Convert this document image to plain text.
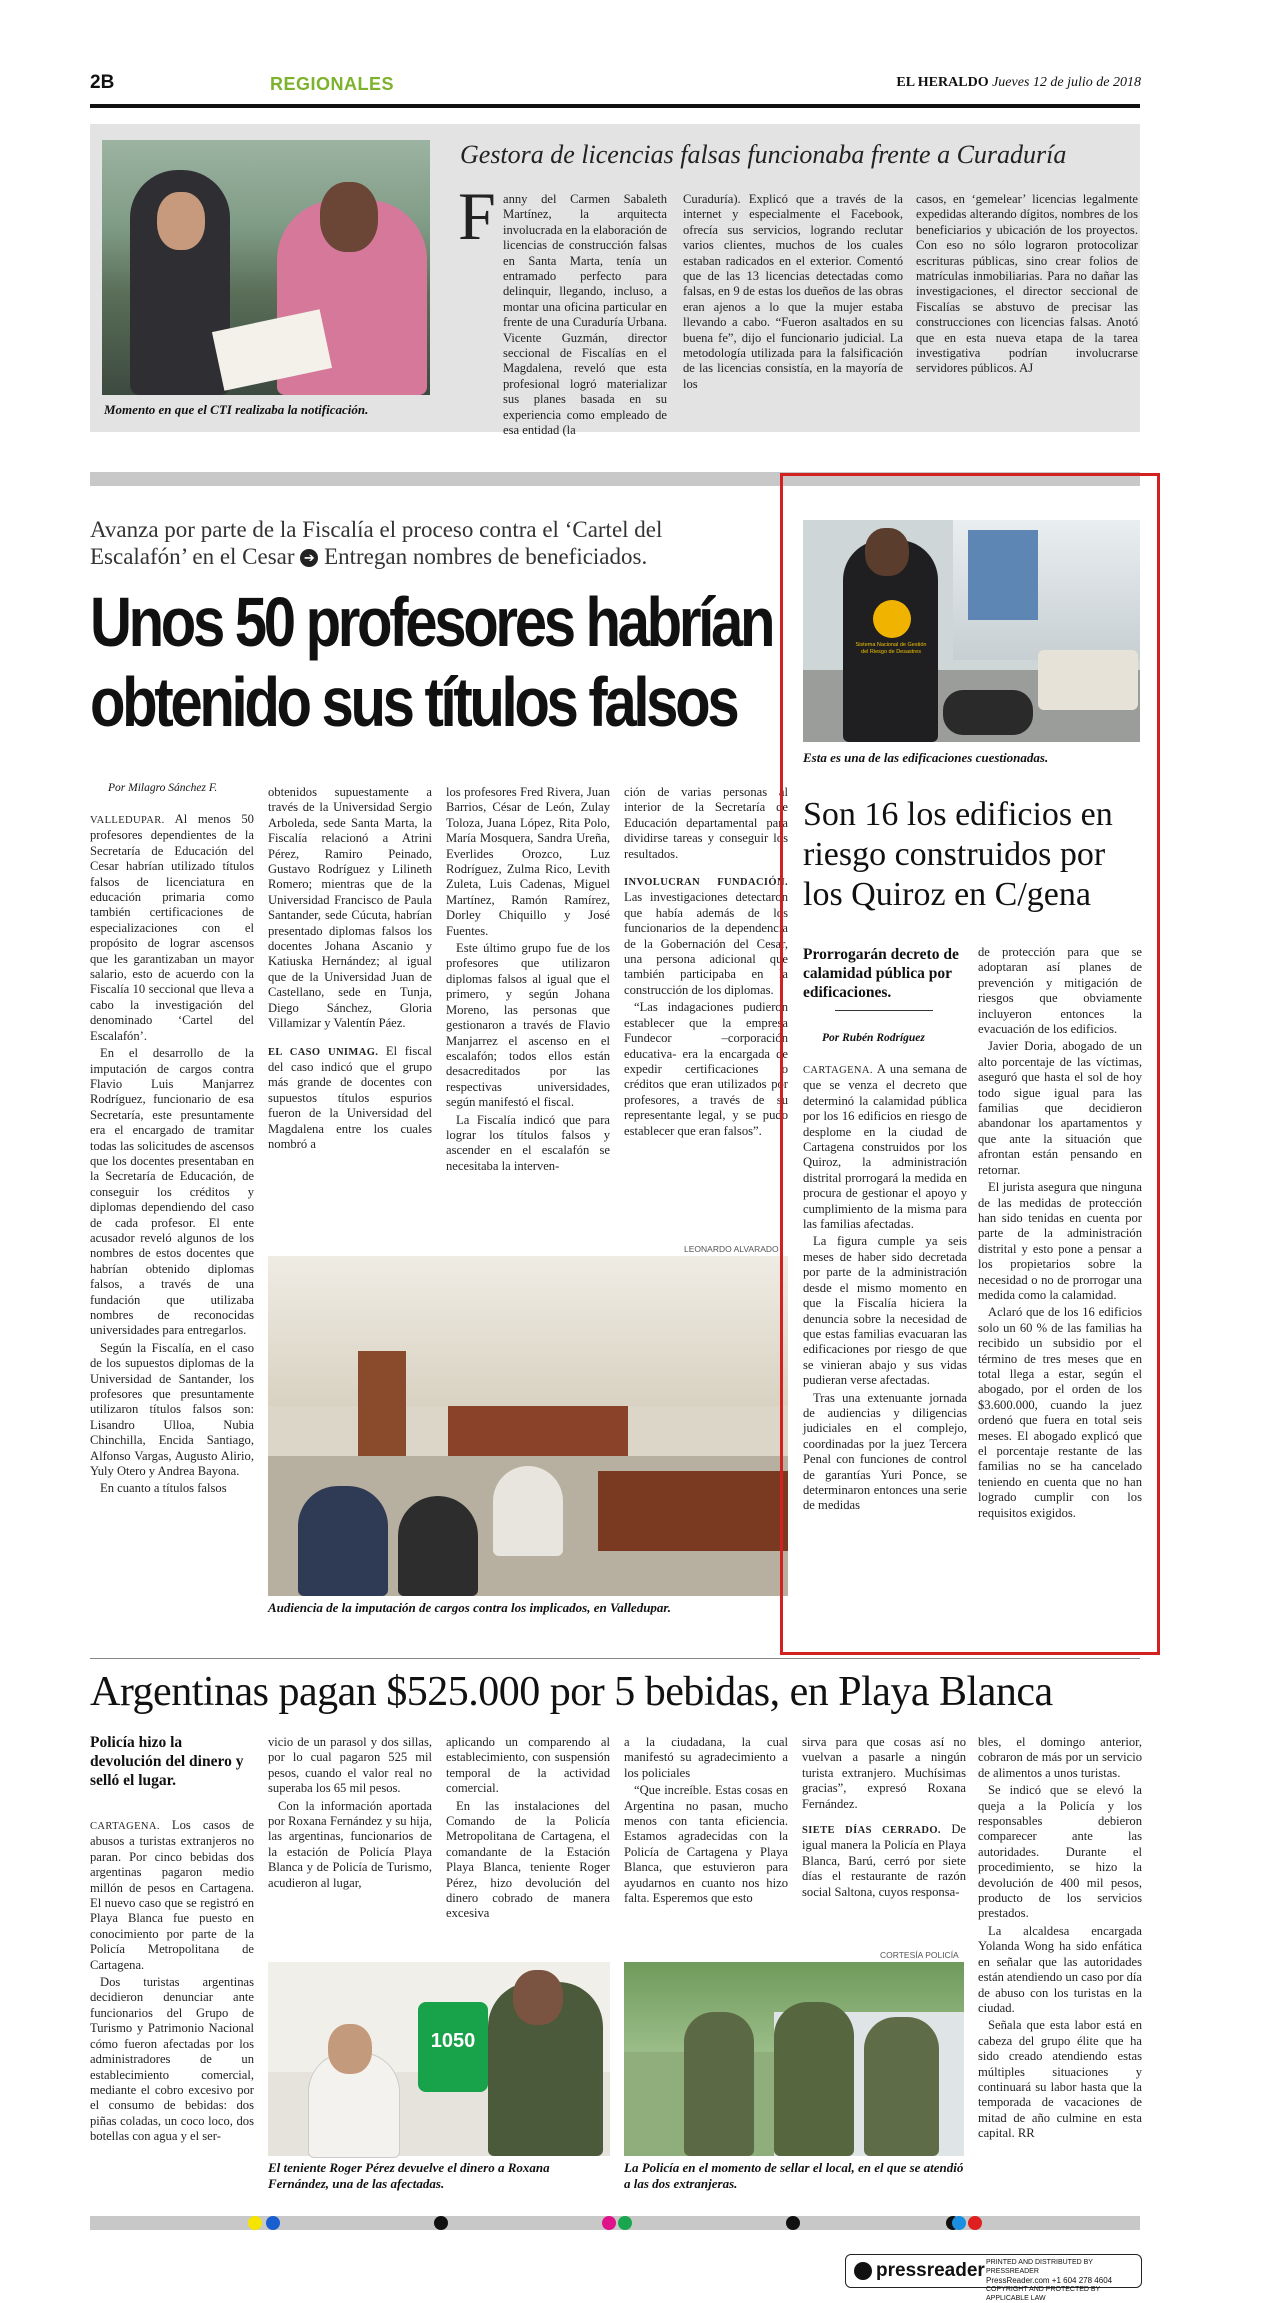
2B	REGIONALES	EL HERALDO Jueves 12 de julio de 2018
Momento en que el CTI realizaba la notificación.
Gestora de licencias falsas funcionaba frente a Curaduría
F anny del Carmen Sabaleth Martínez, la arquitecta involucrada en la elaboración de licencias de construcción falsas en Santa Marta, tenía un entramado perfecto para delinquir, llegando, incluso, a montar una oficina particular en frente de una Curaduría Urbana. Vicente Guzmán, director seccional de Fiscalías en el Magdalena, reveló que esta profesional logró materializar sus planes basada en su experiencia como empleado de esa entidad (la

Curaduría). Explicó que a través de la internet y especialmente el Facebook, ofrecía sus servicios, logrando reclutar varios clientes, muchos de los cuales estaban radicados en el exterior. Comentó que de las 13 licencias detectadas como falsas, en 9 de estas los dueños de las obras eran ajenos a lo que la mujer estaba llevando a cabo. “Fueron asaltados en su buena fe”, dijo el funcionario judicial. La metodología utilizada para la falsificación de las licencias consistía, en la mayoría de los
casos, en ‘gemelear’ licencias legalmente expedidas alterando dígitos, nombres de los beneficiarios y ubicación de los proyectos. Con eso no sólo lograron protocolizar escrituras públicas, sino crear folios de matrículas inmobiliarias. Para no dañar las investigaciones, el director seccional de Fiscalías se abstuvo de precisar las construcciones con licencias falsas. Anotó que en esta nueva etapa de la tarea investigativa podrían involucrarse servidores públicos. AJ
Avanza por parte de la Fiscalía el proceso contra el ‘Cartel del
Escalafón’ en el Cesar ➔ Entregan nombres de beneficiados.
Unos 50 profesores habrían
obtenido sus títulos falsos
Por Milagro Sánchez F.

VALLEDUPAR. Al menos 50 profesores dependientes de la Secretaría de Educación del Cesar habrían utilizado títulos falsos de licenciatura en educación primaria como también certificaciones de especializaciones con el propósito de lograr ascensos que les garantizaban un mayor salario, esto de acuerdo con la Fiscalía 10 seccional que lleva a cabo la investigación del denominado ‘Cartel del Escalafón’.

En el desarrollo de la imputación de cargos contra Flavio Luis Manjarrez Rodríguez, funcionario de esa Secretaría, este presuntamente era el encargado de tramitar todas las solicitudes de ascensos que los docentes presentaban en la Secretaría de Educación, de conseguir los créditos y diplomas dependiendo del caso de cada profesor. El ente acusador reveló algunos de los nombres de estos docentes que habrían obtenido diplomas falsos, a través de una fundación que utilizaba nombres de reconocidas universidades para entregarlos.

Según la Fiscalía, en el caso de los supuestos diplomas de la Universidad de Santander, los profesores que presuntamente utilizaron títulos falsos son: Lisandro Ulloa, Nubia Chinchilla, Encida Santiago, Alfonso Vargas, Augusto Alirio, Yuly Otero y Andrea Bayona.

En cuanto a títulos falsos

obtenidos supuestamente a través de la Universidad Sergio Arboleda, sede Santa Marta, la Fiscalía relacionó a Atrini Pérez, Ramiro Peinado, Gustavo Rodríguez y Lilineth Romero; mientras que de la Universidad Francisco de Paula Santander, sede Cúcuta, habrían presentado diplomas falsos los docentes Johana Ascanio y Katiuska Hernández; al igual que de la Universidad Juan de Castellano, sede en Tunja, Diego Sánchez, Gloria Villamizar y Valentín Páez.

EL CASO UNIMAG. El fiscal del caso indicó que el grupo más grande de docentes con supuestos títulos espurios fueron de la Universidad del Magdalena entre los cuales nombró a

los profesores Fred Rivera, Juan Barrios, César de León, Zulay Toloza, Juana López, Rita Polo, María Mosquera, Sandra Ureña, Everlides Orozco, Luz Rodríguez, Zulma Rico, Levith Zuleta, Luis Cadenas, Miguel Martínez, Ramón Ramírez, Dorley Chiquillo y José Fuentes.

Este último grupo fue de los profesores que utilizaron diplomas falsos al igual que el primero, y según Johana Moreno, las personas que gestionaron a través de Flavio Manjarrez el ascenso en el escalafón; todos ellos están desacreditados por las respectivas universidades, según manifestó el fiscal.

La Fiscalía indicó que para lograr los títulos falsos y ascender en el escalafón se necesitaba la interven-

ción de varias personas al interior de la Secretaría de Educación departamental para dividirse tareas y conseguir los resultados.

INVOLUCRAN FUNDACIÓN. Las investigaciones detectaron que había además de los funcionarios de la dependencia de la Gobernación del Cesar, una persona adicional que también participaba en la construcción de los diplomas.

“Las indagaciones pudieron establecer que la empresa Fundecor –corporación educativa- era la encargada de expedir certificaciones o créditos que eran utilizados por profesores, a través de su representante legal, y se pudo establecer que eran falsos”.

LEONARDO ALVARADO
Audiencia de la imputación de cargos contra los implicados, en Valledupar.
Sistema Nacional de Gestión del Riesgo de Desastres
Esta es una de las edificaciones cuestionadas.
Son 16 los edificios en riesgo construidos por los Quiroz en C/gena
Prorrogarán decreto de calamidad pública por edificaciones.
Por Rubén Rodríguez

CARTAGENA. A una semana de que se venza el decreto que determinó la calamidad pública por los 16 edificios en riesgo de desplome en la ciudad de Cartagena construidos por los Quiroz, la administración distrital prorrogará la medida en procura de gestionar el apoyo y cumplimiento de la misma para las familias afectadas.

La figura cumple ya seis meses de haber sido decretada por parte de la administración desde el mismo momento en que la Fiscalía hiciera la denuncia sobre la necesidad de que estas familias evacuaran las edificaciones por riesgo de que se vinieran abajo y sus vidas pudieran verse afectadas.

Tras una extenuante jornada de audiencias y diligencias judiciales en el complejo, coordinadas por la juez Tercera Penal con funciones de control de garantías Yuri Ponce, se determinaron entonces una serie de medidas

de protección para que se adoptaran así planes de prevención y mitigación de riesgos que obviamente incluyeron entonces la evacuación de los edificios.

Javier Doria, abogado de un alto porcentaje de las víctimas, aseguró que hasta el sol de hoy todo sigue igual para las familias que decidieron abandonar los apartamentos y que ante la situación que afrontan están pensando en retornar.

El jurista asegura que ninguna de las medidas de protección han sido tenidas en cuenta por parte de la administración distrital y esto pone a pensar a los propietarios sobre la necesidad o no de prorrogar una medida como la calamidad.

Aclaró que de los 16 edificios solo un 60 % de las familias ha recibido un subsidio por el término de tres meses que en total llega a estar, según el abogado, por el orden de los $3.600.000, cuando la juez ordenó que fuera en total seis meses. El abogado explicó que el porcentaje restante de las familias no se ha cancelado teniendo en cuenta que no han logrado cumplir con los requisitos exigidos.

Argentinas pagan $525.000 por 5 bebidas, en Playa Blanca
Policía hizo la devolución del dinero y selló el lugar.

CARTAGENA. Los casos de abusos a turistas extranjeros no paran. Por cinco bebidas dos argentinas pagaron medio millón de pesos en Cartagena. El nuevo caso que se registró en Playa Blanca fue puesto en conocimiento por parte de la Policía Metropolitana de Cartagena.

Dos turistas argentinas decidieron denunciar ante funcionarios del Grupo de Turismo y Patrimonio Nacional cómo fueron afectadas por los administradores de un establecimiento comercial, mediante el cobro excesivo por el consumo de bebidas: dos piñas coladas, un coco loco, dos botellas con agua y el ser-

vicio de un parasol y dos sillas, por lo cual pagaron 525 mil pesos, cuando el valor real no superaba los 65 mil pesos.

Con la información aportada por Roxana Fernández y su hija, las argentinas, funcionarios de la estación de Policía Playa Blanca y de Policía de Turismo, acudieron al lugar,

aplicando un comparendo al establecimiento, con suspensión temporal de la actividad comercial.

En las instalaciones del Comando de la Policía Metropolitana de Cartagena, el comandante de la Estación Playa Blanca, teniente Roger Pérez, hizo devolución del dinero cobrado de manera excesiva

a la ciudadana, la cual manifestó su agradecimiento a los policiales

“Que increíble. Estas cosas en Argentina no pasan, mucho menos con tanta eficiencia. Estamos agradecidas con la Policía de Cartagena y Playa Blanca, que estuvieron para ayudarnos en cuanto nos hizo falta. Esperemos que esto

sirva para que cosas así no vuelvan a pasarle a ningún turista extranjero. Muchísimas gracias”, expresó Roxana Fernández.

SIETE DÍAS CERRADO. De igual manera la Policía en Playa Blanca, Barú, cerró por siete días el restaurante de razón social Saltona, cuyos responsa-

bles, el domingo anterior, cobraron de más por un servicio de alimentos a unos turistas.

Se indicó que se elevó la queja a la Policía y los responsables debieron comparecer ante las autoridades. Durante el procedimiento, se hizo la devolución de 400 mil pesos, producto de los servicios prestados.

La alcaldesa encargada Yolanda Wong ha sido enfática en señalar que las autoridades están atendiendo un caso por día de abuso con los turistas en la ciudad.

Señala que esta labor está en cabeza del grupo élite que ha sido creado atendiendo estas múltiples situaciones y continuará su labor hasta que la temporada de vacaciones de mitad de año culmine en esta capital. RR

1050
El teniente Roger Pérez devuelve el dinero a Roxana Fernández, una de las afectadas.
CORTESÍA POLICÍA
La Policía en el momento de sellar el local, en el que se atendió a las dos extranjeras.
pressreader PRINTED AND DISTRIBUTED BY PRESSREADER
PressReader.com +1 604 278 4604
COPYRIGHT AND PROTECTED BY APPLICABLE LAW
